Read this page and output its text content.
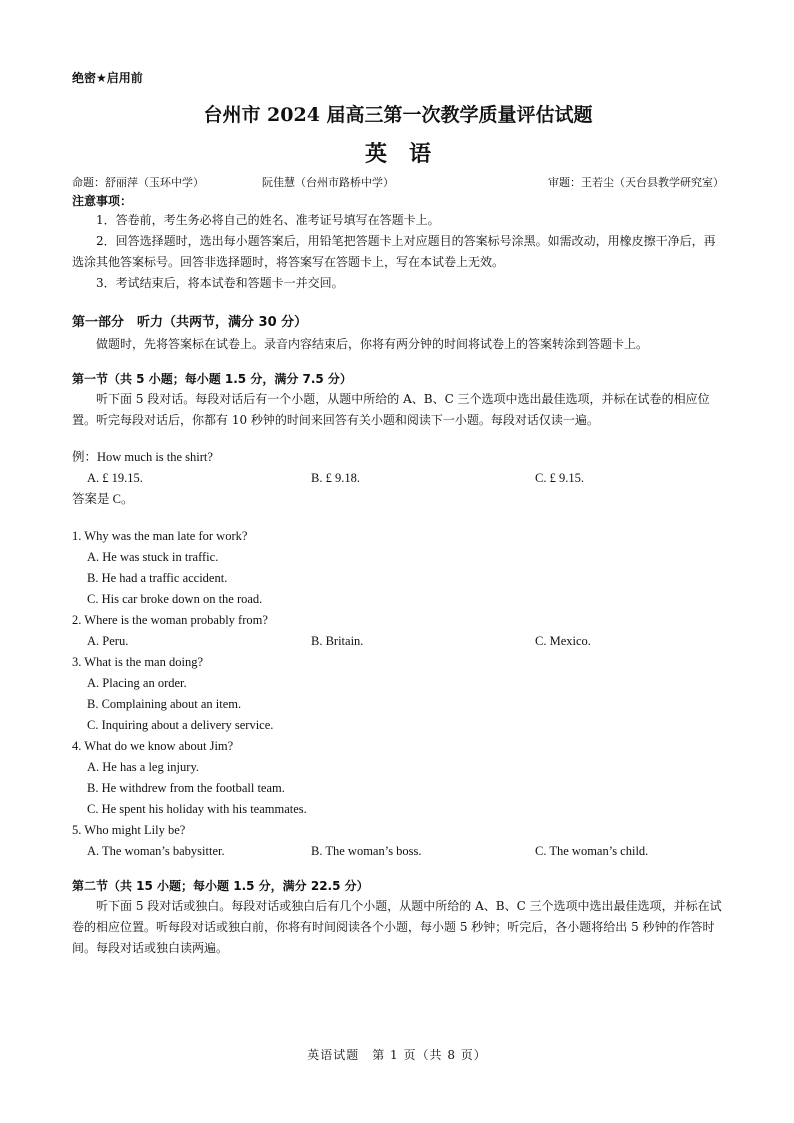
绝密★启用前
台州市 2024 届高三第一次教学质量评估试题
英语
命题：舒丽萍（玉环中学）	阮佳慧（台州市路桥中学）	审题：王若尘（天台县教学研究室）
注意事项：

1．答卷前，考生务必将自己的姓名、准考证号填写在答题卡上。

2．回答选择题时，选出每小题答案后，用铅笔把答题卡上对应题目的答案标号涂黑。如需改动，用橡皮擦干净后，再选涂其他答案标号。回答非选择题时，将答案写在答题卡上，写在本试卷上无效。

3．考试结束后，将本试卷和答题卡一并交回。

第一部分　听力（共两节，满分 30 分）

做题时，先将答案标在试卷上。录音内容结束后，你将有两分钟的时间将试卷上的答案转涂到答题卡上。

第一节（共 5 小题；每小题 1.5 分，满分 7.5 分）

听下面 5 段对话。每段对话后有一个小题，从题中所给的 A、B、C 三个选项中选出最佳选项，并标在试卷的相应位置。听完每段对话后，你都有 10 秒钟的时间来回答有关小题和阅读下一小题。每段对话仅读一遍。

例：How much is the shirt?
A. £ 19.15.	B. £ 9.18.	C. £ 9.15.
答案是 C。
1. Why was the man late for work?
A. He was stuck in traffic.
B. He had a traffic accident.
C. His car broke down on the road.
2. Where is the woman probably from?
A. Peru.	B. Britain.	C. Mexico.
3. What is the man doing?
A. Placing an order.
B. Complaining about an item.
C. Inquiring about a delivery service.
4. What do we know about Jim?
A. He has a leg injury.
B. He withdrew from the football team.
C. He spent his holiday with his teammates.
5. Who might Lily be?
A. The woman’s babysitter.	B. The woman’s boss.	C. The woman’s child.
第二节（共 15 小题；每小题 1.5 分，满分 22.5 分）

听下面 5 段对话或独白。每段对话或独白后有几个小题，从题中所给的 A、B、C 三个选项中选出最佳选项，并标在试卷的相应位置。听每段对话或独白前，你将有时间阅读各个小题，每小题 5 秒钟；听完后，各小题将给出 5 秒钟的作答时间。每段对话或独白读两遍。

英语试题　第 1 页（共 8 页）
